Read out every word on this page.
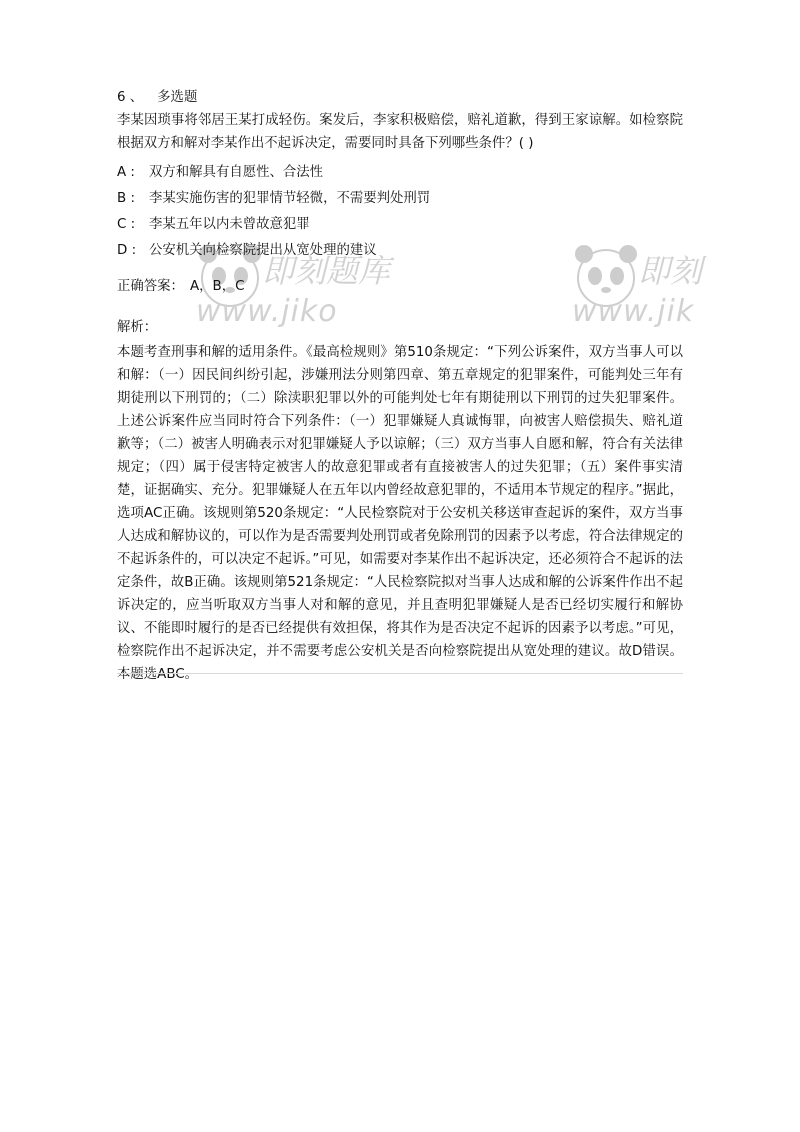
即刻题库
www.jiko
即刻
www.jik
6 、 多选题

李某因琐事将邻居王某打成轻伤。案发后，李家积极赔偿，赔礼道歉，得到王家谅解。如检察院根据双方和解对李某作出不起诉决定，需要同时具备下列哪些条件？( )

A :	双方和解具有自愿性、合法性
B :	李某实施伤害的犯罪情节轻微，不需要判处刑罚
C :	李某五年以内未曾故意犯罪
D : 公安机关向检察院提出从宽处理的建议
正确答案： A，B，C
解析：

本题考查刑事和解的适用条件。《最高检规则》第510条规定：“下列公诉案件，双方当事人可以和解：（一）因民间纠纷引起，涉嫌刑法分则第四章、第五章规定的犯罪案件，可能判处三年有期徒刑以下刑罚的；（二）除渎职犯罪以外的可能判处七年有期徒刑以下刑罚的过失犯罪案件。上述公诉案件应当同时符合下列条件：（一）犯罪嫌疑人真诚悔罪，向被害人赔偿损失、赔礼道歉等；（二）被害人明确表示对犯罪嫌疑人予以谅解；（三）双方当事人自愿和解，符合有关法律规定；（四）属于侵害特定被害人的故意犯罪或者有直接被害人的过失犯罪；（五）案件事实清楚，证据确实、充分。犯罪嫌疑人在五年以内曾经故意犯罪的，不适用本节规定的程序。”据此，选项AC正确。该规则第520条规定：“人民检察院对于公安机关移送审查起诉的案件，双方当事人达成和解协议的，可以作为是否需要判处刑罚或者免除刑罚的因素予以考虑，符合法律规定的不起诉条件的，可以决定不起诉。”可见，如需要对李某作出不起诉决定，还必须符合不起诉的法定条件，故B正确。该规则第521条规定：“人民检察院拟对当事人达成和解的公诉案件作出不起诉决定的，应当听取双方当事人对和解的意见，并且查明犯罪嫌疑人是否已经切实履行和解协议、不能即时履行的是否已经提供有效担保，将其作为是否决定不起诉的因素予以考虑。”可见，检察院作出不起诉决定，并不需要考虑公安机关是否向检察院提出从宽处理的建议。故D错误。本题选ABC。
